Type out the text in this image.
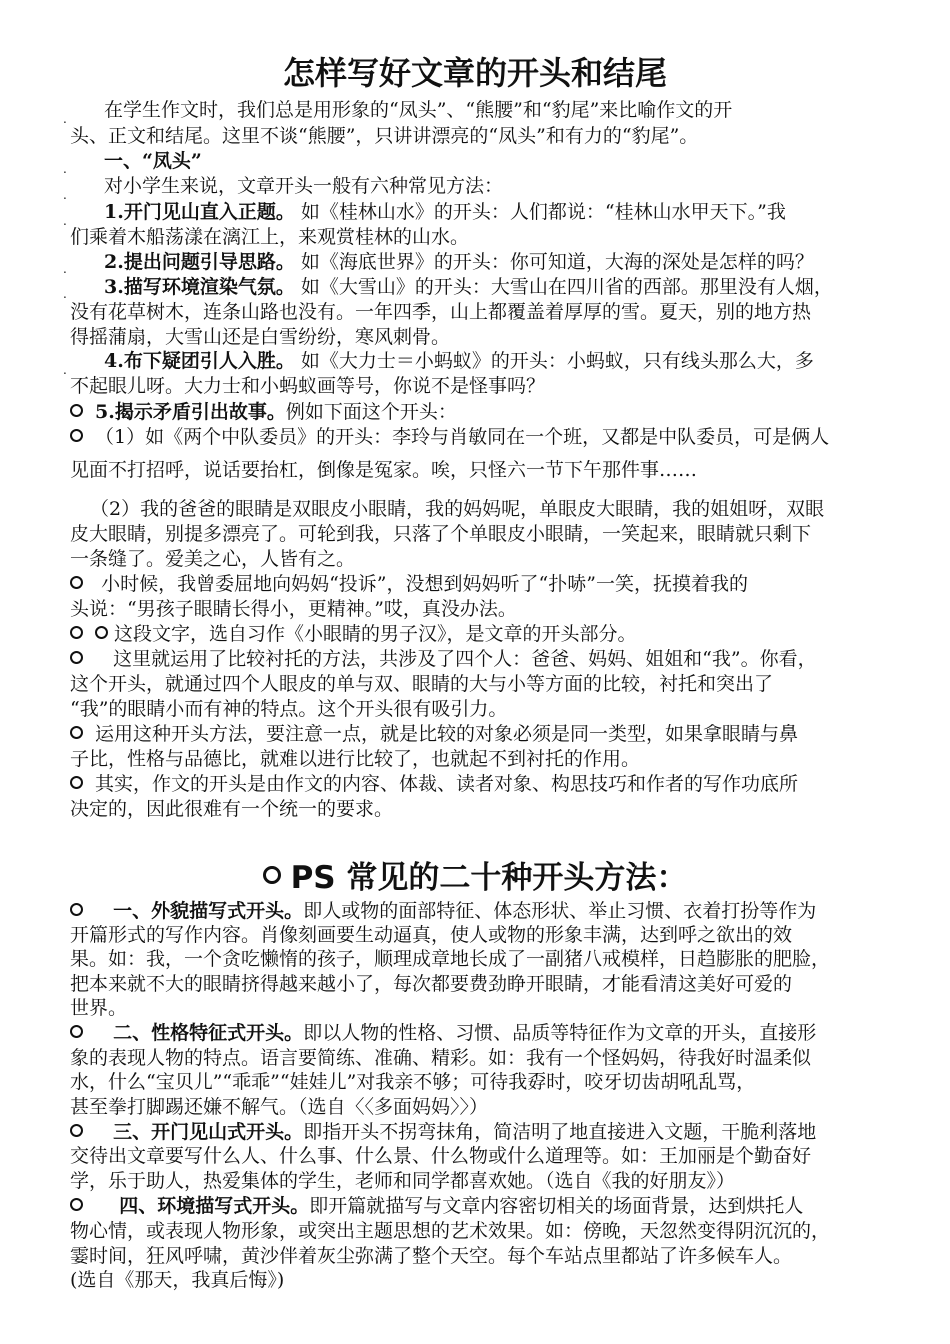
怎样写好文章的开头和结尾
.
.
.
.
.
.
.

在学生作文时，我们总是用形象的“凤头”、“熊腰”和“豹尾”来比喻作文的开

头、正文和结尾。这里不谈“熊腰”，只讲讲漂亮的“凤头”和有力的“豹尾”。

一、“凤头”

对小学生来说，文章开头一般有六种常见方法：

1.开门见山直入正题。 如《桂林山水》的开头：人们都说：“桂林山水甲天下。”我

们乘着木船荡漾在漓江上，来观赏桂林的山水。

2.提出问题引导思路。 如《海底世界》的开头：你可知道，大海的深处是怎样的吗？

3.描写环境渲染气氛。 如《大雪山》的开头：大雪山在四川省的西部。那里没有人烟，

没有花草树木，连条山路也没有。一年四季，山上都覆盖着厚厚的雪。夏天，别的地方热

得摇蒲扇，大雪山还是白雪纷纷，寒风刺骨。

4.布下疑团引人入胜。 如《大力士＝小蚂蚁》的开头：小蚂蚁，只有线头那么大，多

不起眼儿呀。大力士和小蚂蚁画等号，你说不是怪事吗？

5.揭示矛盾引出故事。例如下面这个开头：

（1）如《两个中队委员》的开头：李玲与肖敏同在一个班，又都是中队委员，可是俩人

见面不打招呼，说话要抬杠，倒像是冤家。唉，只怪六一节下午那件事……

（2）我的爸爸的眼睛是双眼皮小眼睛，我的妈妈呢，单眼皮大眼睛，我的姐姐呀，双眼

皮大眼睛，别提多漂亮了。可轮到我，只落了个单眼皮小眼睛，一笑起来，眼睛就只剩下

一条缝了。爱美之心，人皆有之。

小时候，我曾委屈地向妈妈“投诉”，没想到妈妈听了“扑哧”一笑，抚摸着我的

头说：“男孩子眼睛长得小，更精神。”哎，真没办法。

这段文字，选自习作《小眼睛的男子汉》，是文章的开头部分。

这里就运用了比较衬托的方法，共涉及了四个人：爸爸、妈妈、姐姐和“我”。你看，

这个开头，就通过四个人眼皮的单与双、眼睛的大与小等方面的比较，衬托和突出了

“我”的眼睛小而有神的特点。这个开头很有吸引力。

运用这种开头方法，要注意一点，就是比较的对象必须是同一类型，如果拿眼睛与鼻

子比，性格与品德比，就难以进行比较了，也就起不到衬托的作用。

其实，作文的开头是由作文的内容、体裁、读者对象、构思技巧和作者的写作功底所

决定的，因此很难有一个统一的要求。

PS 常见的二十种开头方法：

一、外貌描写式开头。即人或物的面部特征、体态形状、举止习惯、衣着打扮等作为

开篇形式的写作内容。肖像刻画要生动逼真，使人或物的形象丰满，达到呼之欲出的效

果。如：我，一个贪吃懒惰的孩子，顺理成章地长成了一副猪八戒模样，日趋膨胀的肥脸，

把本来就不大的眼睛挤得越来越小了，每次都要费劲睁开眼睛，才能看清这美好可爱的

世界。

二、性格特征式开头。即以人物的性格、习惯、品质等特征作为文章的开头，直接形

象的表现人物的特点。语言要简练、准确、精彩。如：我有一个怪妈妈，待我好时温柔似

水，什么“宝贝儿”“乖乖”“娃娃儿”对我亲不够；可待我孬时，咬牙切齿胡吼乱骂，

甚至拳打脚踢还嫌不解气。（选自〈〈多面妈妈〉〉）

三、开门见山式开头。即指开头不拐弯抹角，简洁明了地直接进入文题，干脆利落地

交待出文章要写什么人、什么事、什么景、什么物或什么道理等。如：王加丽是个勤奋好

学，乐于助人，热爱集体的学生，老师和同学都喜欢她。（选自《我的好朋友》）

四、环境描写式开头。即开篇就描写与文章内容密切相关的场面背景，达到烘托人

物心情，或表现人物形象，或突出主题思想的艺术效果。如：傍晚，天忽然变得阴沉沉的，

霎时间，狂风呼啸，黄沙伴着灰尘弥满了整个天空。每个车站点里都站了许多候车人。

(选自《那天，我真后悔》)
